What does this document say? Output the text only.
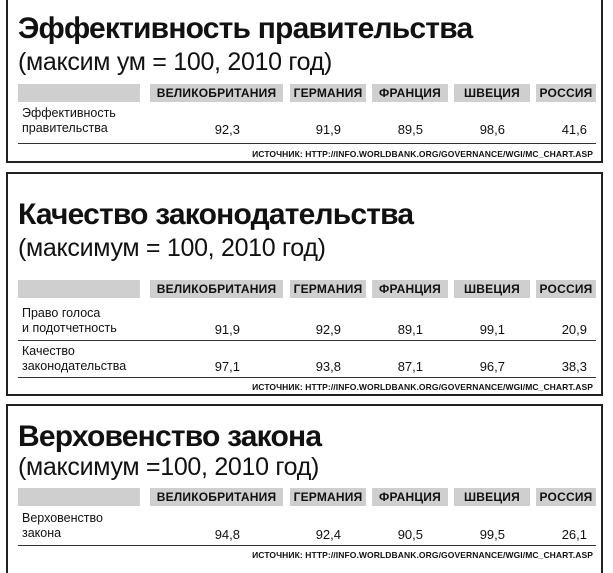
Эффективность правительства
(максим ум = 100, 2010 год)
ВЕЛИКОБРИТАНИЯ	ГЕРМАНИЯ	ФРАНЦИЯ	ШВЕЦИЯ	РОССИЯ
Эффективность
правительства	92,3	91,9	89,5	98,6	41,6
ИСТОЧНИК: HTTP://INFO.WORLDBANK.ORG/GOVERNANCE/WGI/MC_CHART.ASP
Качество законодательства
(максимум = 100, 2010 год)
ВЕЛИКОБРИТАНИЯ	ГЕРМАНИЯ	ФРАНЦИЯ	ШВЕЦИЯ	РОССИЯ
Право голоса
и подотчетность	91,9	92,9	89,1	99,1	20,9
Качество
законодательства	97,1	93,8	87,1	96,7	38,3
ИСТОЧНИК: HTTP://INFO.WORLDBANK.ORG/GOVERNANCE/WGI/MC_CHART.ASP
Верховенство закона
(максимум =100, 2010 год)
ВЕЛИКОБРИТАНИЯ	ГЕРМАНИЯ	ФРАНЦИЯ	ШВЕЦИЯ	РОССИЯ
Верховенство
закона	94,8	92,4	90,5	99,5	26,1
ИСТОЧНИК: HTTP://INFO.WORLDBANK.ORG/GOVERNANCE/WGI/MC_CHART.ASP
